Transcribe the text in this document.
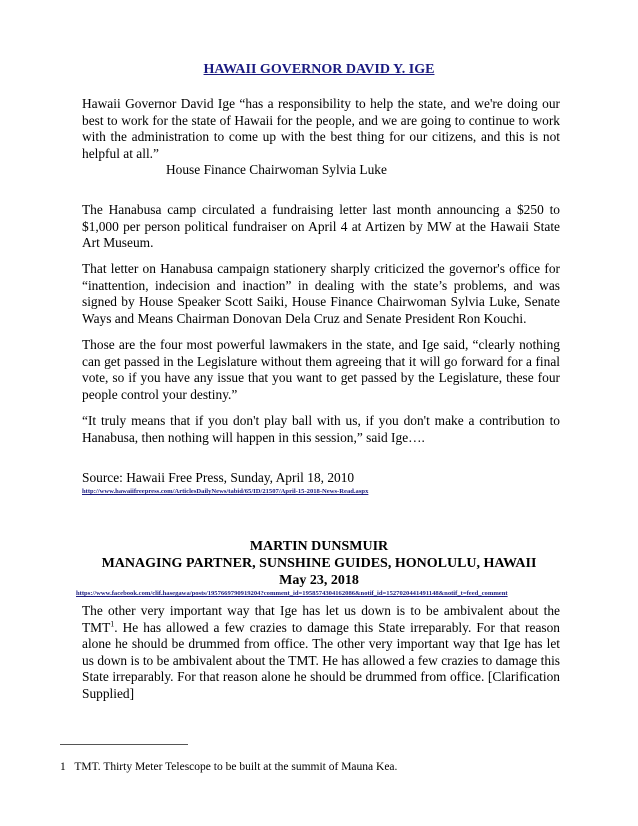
HAWAII GOVERNOR DAVID Y. IGE
Hawaii Governor David Ige “has a responsibility to help the state, and we're doing our best to work for the state of Hawaii for the people, and we are going to continue to work with the administration to come up with the best thing for our citizens, and this is not helpful at all.”
House Finance Chairwoman Sylvia Luke
The Hanabusa camp circulated a fundraising letter last month announcing a $250 to $1,000 per person political fundraiser on April 4 at Artizen by MW at the Hawaii State Art Museum.
That letter on Hanabusa campaign stationery sharply criticized the governor's office for “inattention, indecision and inaction” in dealing with the state’s problems, and was signed by House Speaker Scott Saiki, House Finance Chairwoman Sylvia Luke, Senate Ways and Means Chairman Donovan Dela Cruz and Senate President Ron Kouchi.
Those are the four most powerful lawmakers in the state, and Ige said, “clearly nothing can get passed in the Legislature without them agreeing that it will go forward for a final vote, so if you have any issue that you want to get passed by the Legislature, these four people control your destiny.”
“It truly means that if you don't play ball with us, if you don't make a contribution to Hanabusa, then nothing will happen in this session,” said Ige….
Source: Hawaii Free Press, Sunday, April 18, 2010
http://www.hawaiifreepress.com/ArticlesDailyNews/tabid/65/ID/21507/April-15-2018-News-Read.aspx
MARTIN DUNSMUIR
MANAGING PARTNER, SUNSHINE GUIDES, HONOLULU, HAWAII
May 23, 2018
https://www.facebook.com/clif.hasegawa/posts/1957669790919204?comment_id=1958574304162086&notif_id=1527020441491148&notif_t=feed_comment
The other very important way that Ige has let us down is to be ambivalent about the TMT$^1$. He has allowed a few crazies to damage this State irreparably. For that reason alone he should be drummed from office. The other very important way that Ige has let us down is to be ambivalent about the TMT. He has allowed a few crazies to damage this State irreparably. For that reason alone he should be drummed from office. [Clarification Supplied]
1 TMT. Thirty Meter Telescope to be built at the summit of Mauna Kea.
